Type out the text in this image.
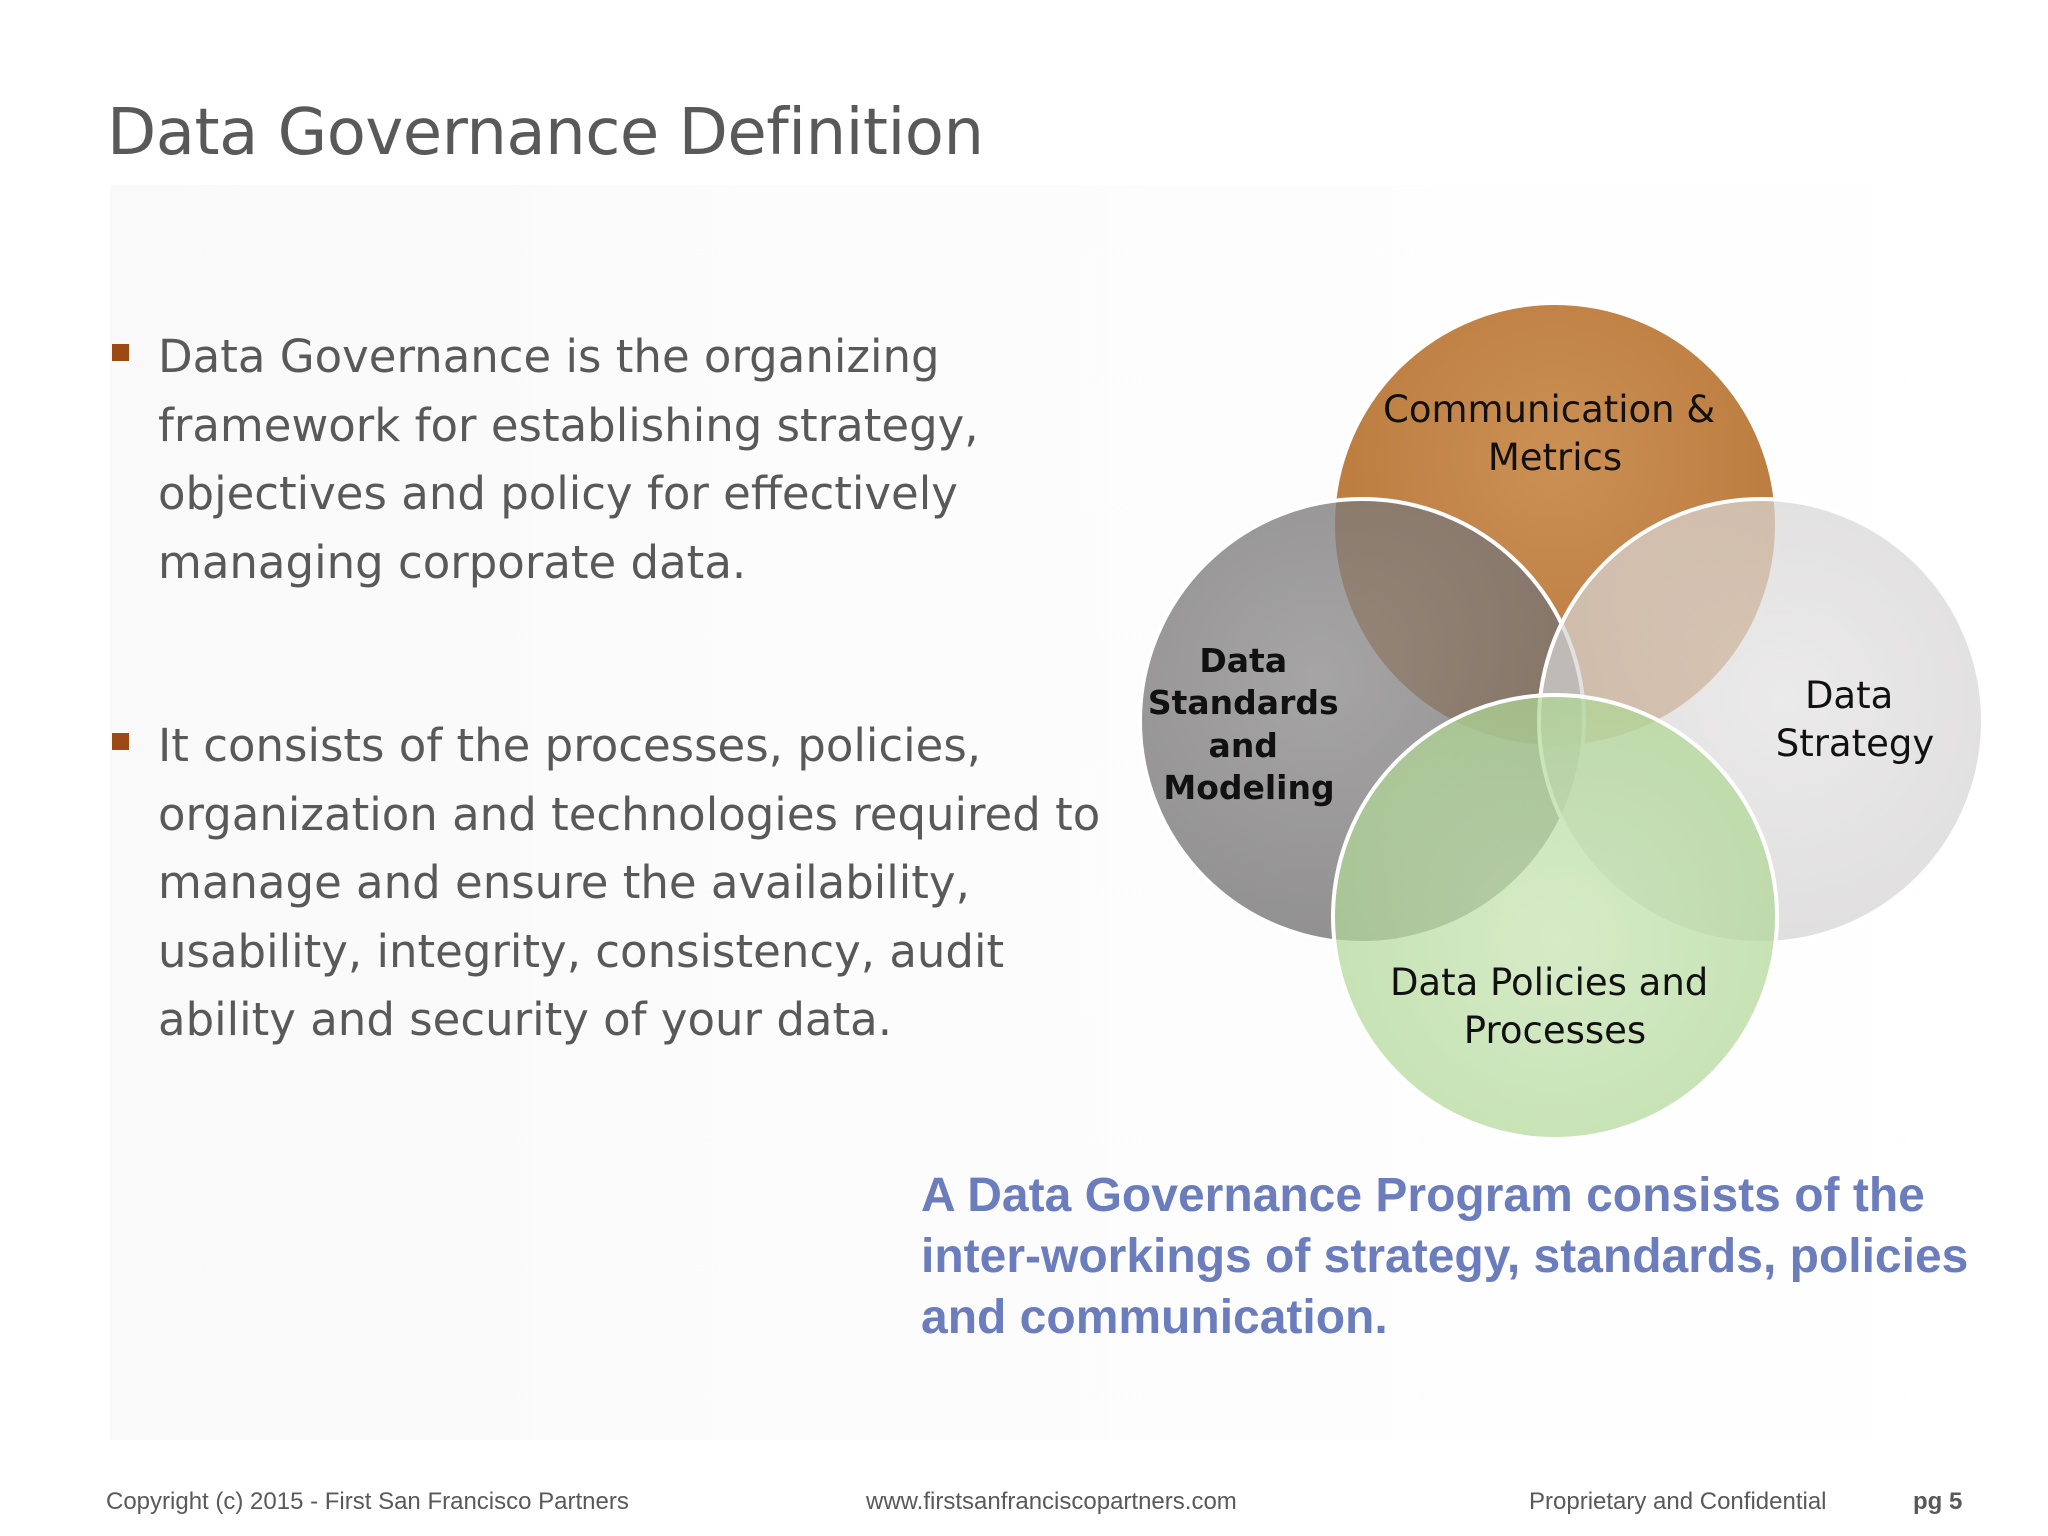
Data Governance Definition
Data Governance is the organizing framework for establishing strategy, objectives and policy for effectively managing corporate data.
It consists of the processes, policies, organization and technologies required to manage and ensure the availability, usability, integrity, consistency, audit ability and security of your data.
Communication & Metrics
Data Standards and Modeling
Data Strategy
Data Policies and Processes
A Data Governance Program consists of the inter-workings of strategy, standards, policies and communication.
Copyright (c) 2015 - First San Francisco Partners	www.firstsanfranciscopartners.com	Proprietary and Confidential	pg 5
